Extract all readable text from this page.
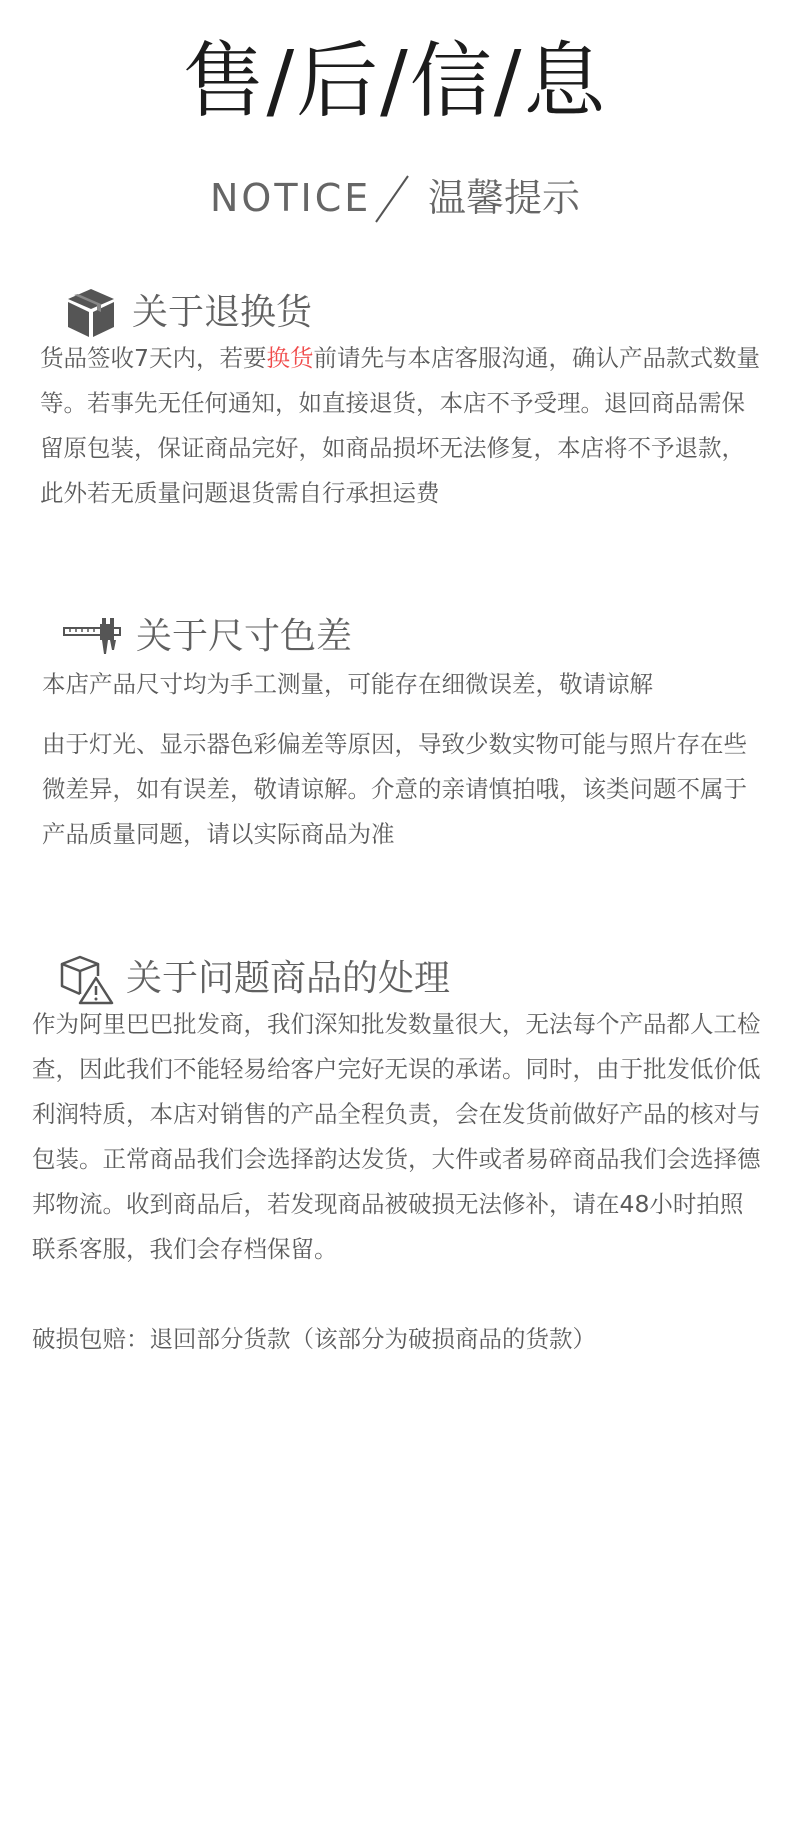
售/后/信/息
NOTICE 温馨提示
关于退换货

货品签收7天内，若要换货前请先与本店客服沟通，确认产品款式数量等。若事先无任何通知，如直接退货，本店不予受理。退回商品需保留原包装，保证商品完好，如商品损坏无法修复，本店将不予退款，此外若无质量问题退货需自行承担运费

关于尺寸色差

本店产品尺寸均为手工测量，可能存在细微误差，敬请谅解

由于灯光、显示器色彩偏差等原因，导致少数实物可能与照片存在些微差异，如有误差，敬请谅解。介意的亲请慎拍哦，该类问题不属于产品质量同题，请以实际商品为准

关于问题商品的处理

作为阿里巴巴批发商，我们深知批发数量很大，无法每个产品都人工检查，因此我们不能轻易给客户完好无误的承诺。同时，由于批发低价低利润特质，本店对销售的产品全程负责，会在发货前做好产品的核对与包装。正常商品我们会选择韵达发货，大件或者易碎商品我们会选择德邦物流。收到商品后，若发现商品被破损无法修补，请在48小时拍照联系客服，我们会存档保留。

破损包赔：退回部分货款（该部分为破损商品的货款）
